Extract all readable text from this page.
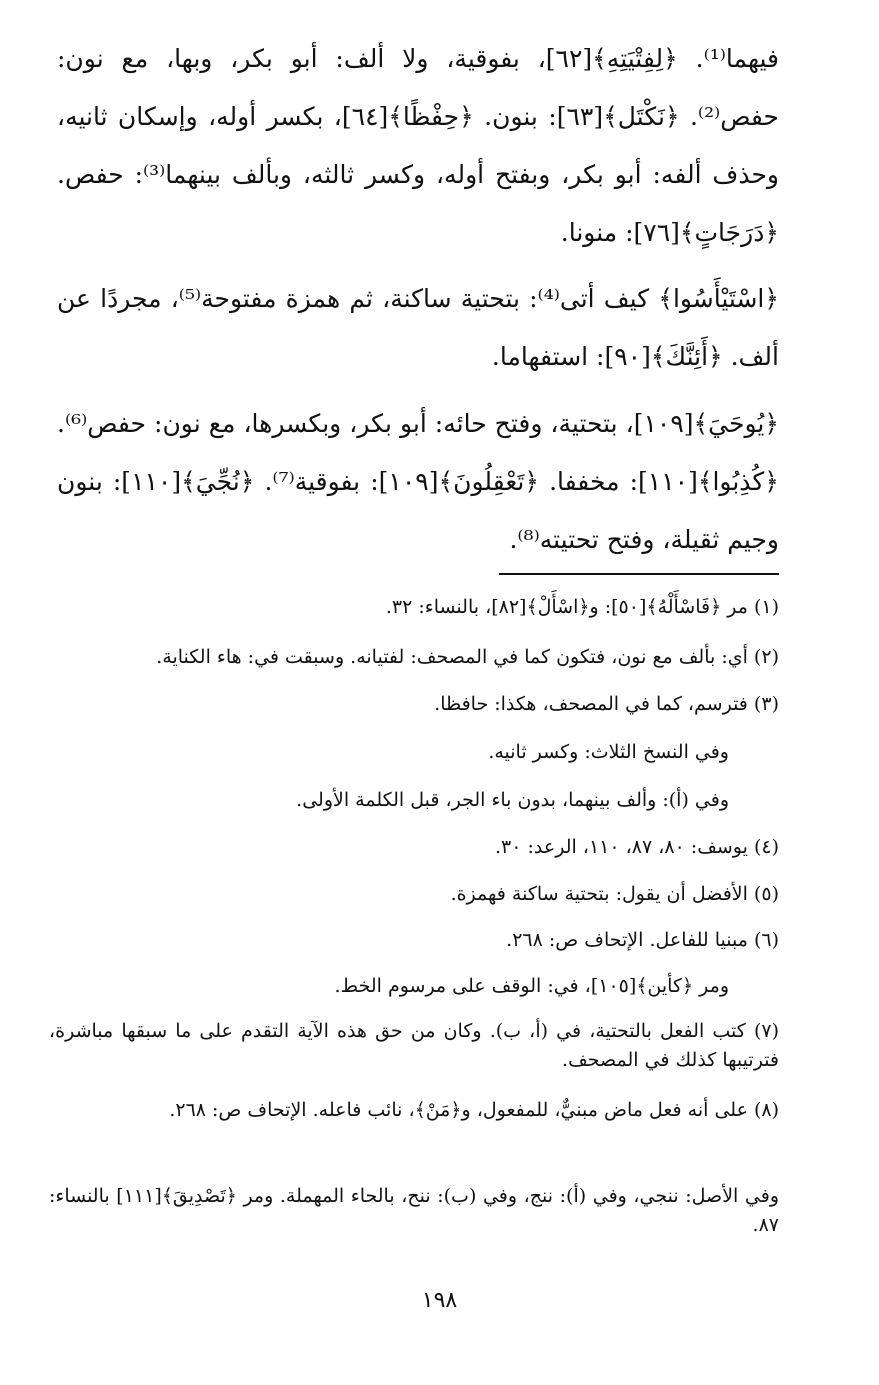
فيهما⁽¹⁾. ﴿لِفِتْيَتِهِ﴾[٦٢]، بفوقية، ولا ألف: أبو بكر، وبها، مع نون: حفص⁽²⁾. ﴿نَكْتَل﴾[٦٣]: بنون. ﴿حِفْظًا﴾[٦٤]، بكسر أوله، وإسكان ثانيه، وحذف ألفه: أبو بكر، وبفتح أوله، وكسر ثالثه، وبألف بينهما⁽³⁾: حفص. ﴿دَرَجَاتٍ﴾[٧٦]: منونا.

﴿اسْتَيْأَسُوا﴾ كيف أتى⁽⁴⁾: بتحتية ساكنة، ثم همزة مفتوحة⁽⁵⁾، مجردًا عن ألف. ﴿أَئِنَّكَ﴾[٩٠]: استفهاما.

﴿يُوحَيَ﴾[١٠٩]، بتحتية، وفتح حائه: أبو بكر، وبكسرها، مع نون: حفص⁽⁶⁾. ﴿كُذِبُوا﴾[١١٠]: مخففا. ﴿تَعْقِلُونَ﴾[١٠٩]: بفوقية⁽⁷⁾. ﴿نُجِّيَ﴾[١١٠]: بنون وجيم ثقيلة، وفتح تحتيته⁽⁸⁾.

(١) مر ﴿فَاسْأَلْهُ﴾[٥٠]: و﴿اسْأَلْ﴾[٨٢]، بالنساء: ٣٢.

(٢) أي: بألف مع نون، فتكون كما في المصحف: لفتيانه. وسبقت في: هاء الكناية.

(٣) فترسم، كما في المصحف، هكذا: حافظا.

وفي النسخ الثلاث: وكسر ثانيه.

وفي (أ): وألف بينهما، بدون باء الجر، قبل الكلمة الأولى.

(٤) يوسف: ٨٠، ٨٧، ١١٠، الرعد: ٣٠.

(٥) الأفضل أن يقول: بتحتية ساكنة فهمزة.

(٦) مبنيا للفاعل. الإتحاف ص: ٢٦٨.

ومر ﴿كأين﴾[١٠٥]، في: الوقف على مرسوم الخط.

(٧) كتب الفعل بالتحتية، في (أ، ب). وكان من حق هذه الآية التقدم على ما سبقها مباشرة، فترتيبها كذلك في المصحف.

(٨) على أنه فعل ماض مبنيٌّ، للمفعول، و﴿مَنْ﴾، نائب فاعله. الإتحاف ص: ٢٦٨.

وفي الأصل: ننجي، وفي (أ): ننج، وفي (ب): ننح، بالحاء المهملة. ومر ﴿تَصْدِيقَ﴾[١١١] بالنساء: ٨٧.

١٩٨
